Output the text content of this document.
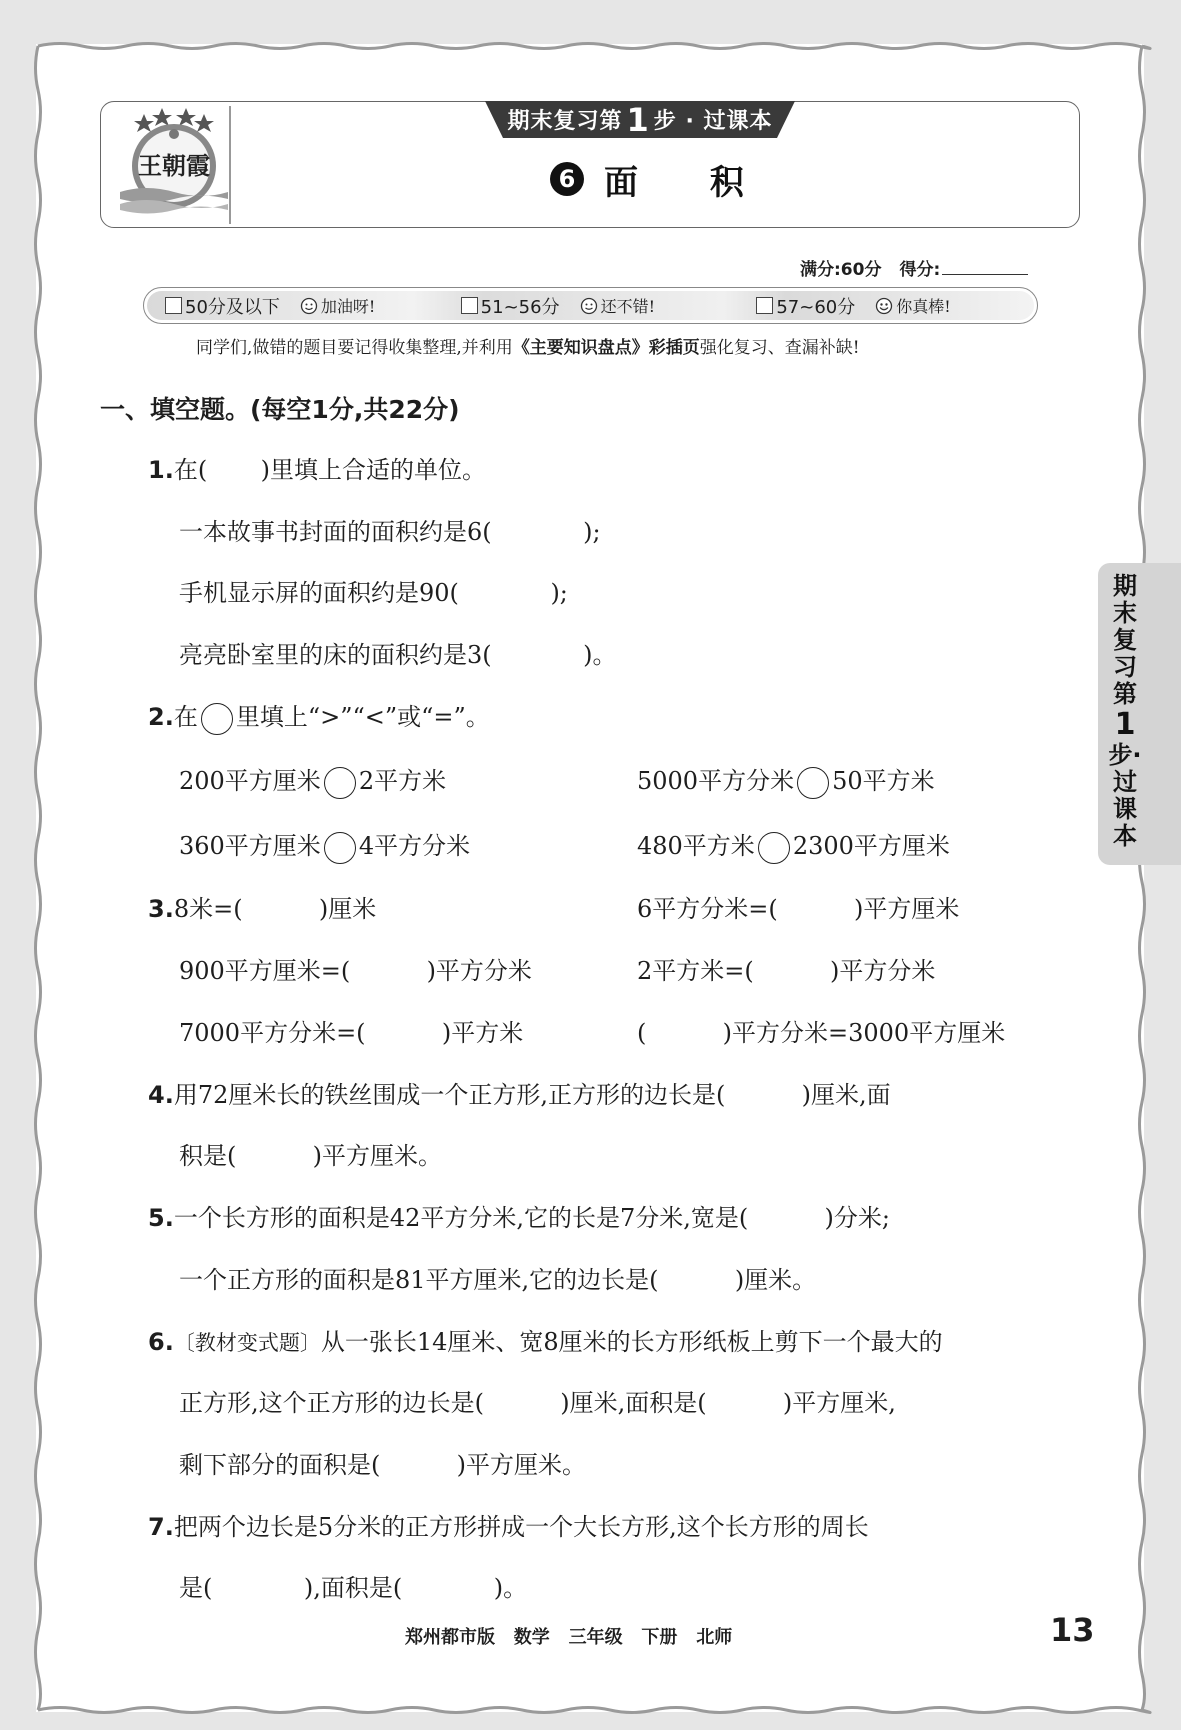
王朝霞
期末复习第 1 步 · 过课本
6 面 积
满分:60分 得分:
50分及以下	加油呀!	51~56分	还不错!	57~60分	你真棒!
同学们,做错的题目要记得收集整理,并利用《主要知识盘点》彩插页强化复习、查漏补缺!
一、填空题。(每空1分,共22分)
1.在(       )里填上合适的单位。
一本故事书封面的面积约是6(            );
手机显示屏的面积约是90(            );
亮亮卧室里的床的面积约是3(            )。
2.在 里填上“>”“<”或“=”。
200平方厘米 2平方米	5000平方分米 50平方米
360平方厘米 4平方分米	480平方米 2300平方厘米
3.8米=(          )厘米	6平方分米=(          )平方厘米
900平方厘米=(          )平方分米	2平方米=(          )平方分米
7000平方分米=(          )平方米	(          )平方分米=3000平方厘米
4.用72厘米长的铁丝围成一个正方形,正方形的边长是(          )厘米,面
积是(          )平方厘米。
5.一个长方形的面积是42平方分米,它的长是7分米,宽是(          )分米;
一个正方形的面积是81平方厘米,它的边长是(          )厘米。
6.〔教材变式题〕从一张长14厘米、宽8厘米的长方形纸板上剪下一个最大的
正方形,这个正方形的边长是(          )厘米,面积是(          )平方厘米,
剩下部分的面积是(          )平方厘米。
7.把两个边长是5分米的正方形拼成一个大长方形,这个长方形的周长
是(            ),面积是(            )。
期
末
复
习
第
1
步·
过
课
本
郑州都市版   数学   三年级   下册   北师	13
